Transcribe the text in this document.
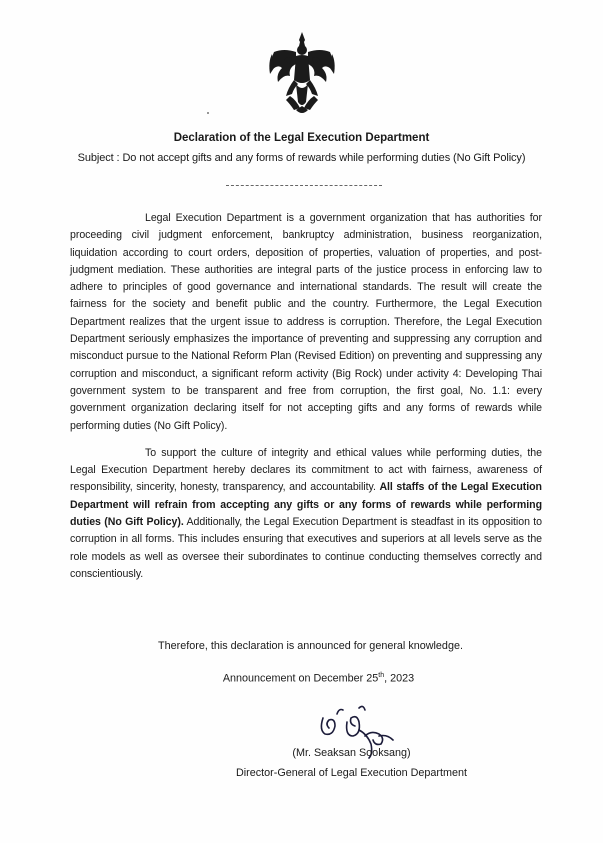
Declaration of the Legal Execution Department
Subject : Do not accept gifts and any forms of rewards while performing duties (No Gift Policy)

Legal Execution Department is a government organization that has authorities for proceeding civil judgment enforcement, bankruptcy administration, business reorganization, liquidation according to court orders, deposition of properties, valuation of properties, and post-judgment mediation. These authorities are integral parts of the justice process in enforcing law to adhere to principles of good governance and international standards. The result will create the fairness for the society and benefit public and the country. Furthermore, the Legal Execution Department realizes that the urgent issue to address is corruption. Therefore, the Legal Execution Department seriously emphasizes the importance of preventing and suppressing any corruption and misconduct pursue to the National Reform Plan (Revised Edition) on preventing and suppressing any corruption and misconduct, a significant reform activity (Big Rock) under activity 4: Developing Thai government system to be transparent and free from corruption, the first goal, No. 1.1: every government organization declaring itself for not accepting gifts and any forms of rewards while performing duties (No Gift Policy).

To support the culture of integrity and ethical values while performing duties, the Legal Execution Department hereby declares its commitment to act with fairness, awareness of responsibility, sincerity, honesty, transparency, and accountability. All staffs of the Legal Execution Department will refrain from accepting any gifts or any forms of rewards while performing duties (No Gift Policy). Additionally, the Legal Execution Department is steadfast in its opposition to corruption in all forms. This includes ensuring that executives and superiors at all levels serve as the role models as well as oversee their subordinates to continue conducting themselves correctly and conscientiously.

Therefore, this declaration is announced for general knowledge.
Announcement on December 25th, 2023
(Mr. Seaksan Sooksang)
Director-General of Legal Execution Department
